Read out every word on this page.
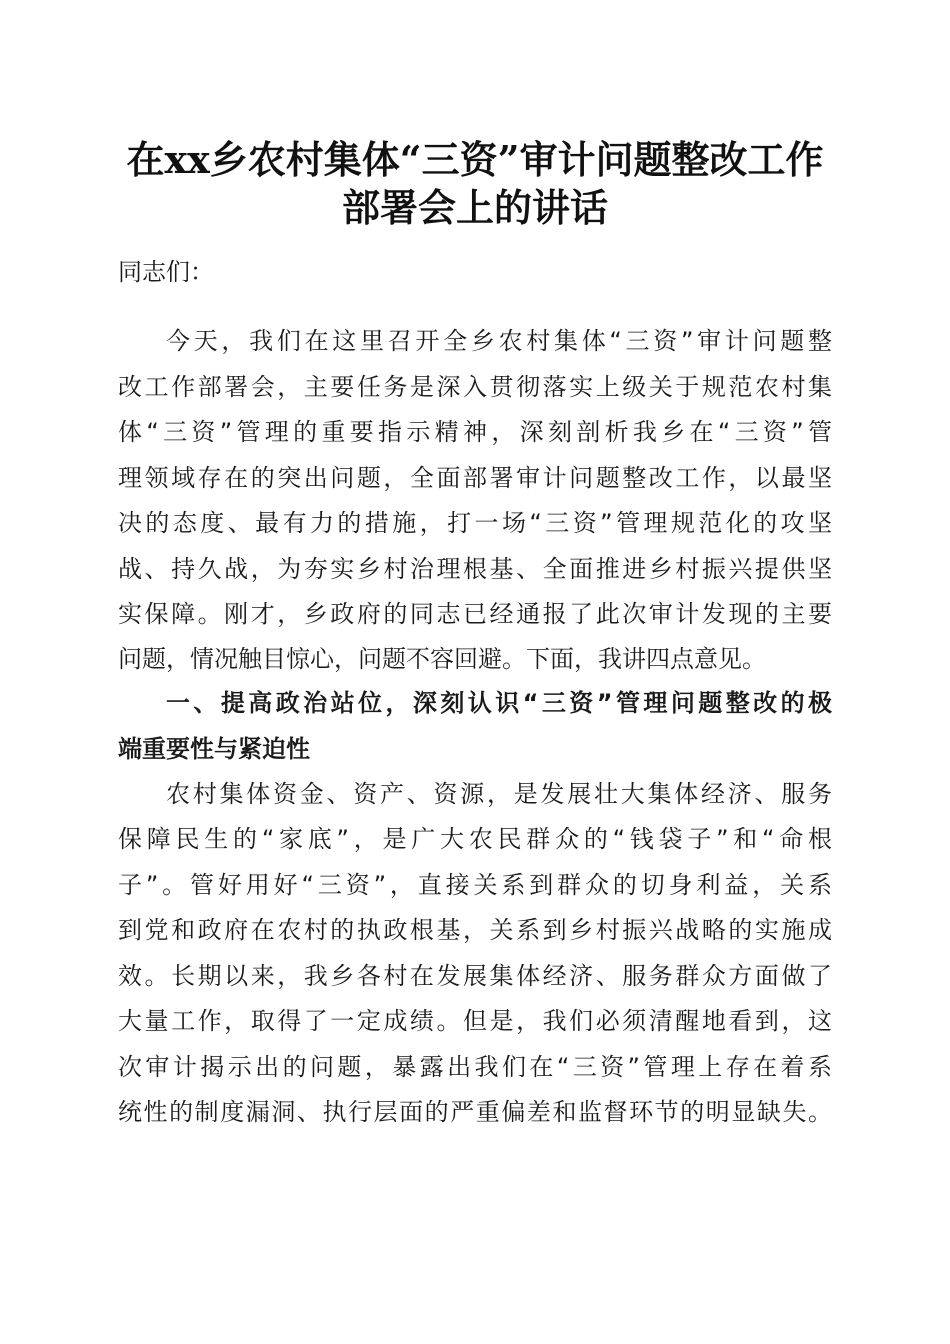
在xx乡农村集体“三资”审计问题整改工作
部署会上的讲话
同志们：
今天，我们在这里召开全乡农村集体“三资”审计问题整
改工作部署会，主要任务是深入贯彻落实上级关于规范农村集
体“三资”管理的重要指示精神，深刻剖析我乡在“三资”管
理领域存在的突出问题，全面部署审计问题整改工作，以最坚
决的态度、最有力的措施，打一场“三资”管理规范化的攻坚
战、持久战，为夯实乡村治理根基、全面推进乡村振兴提供坚
实保障。刚才，乡政府的同志已经通报了此次审计发现的主要
问题，情况触目惊心，问题不容回避。下面，我讲四点意见。
一、提高政治站位，深刻认识“三资”管理问题整改的极
端重要性与紧迫性
农村集体资金、资产、资源，是发展壮大集体经济、服务
保障民生的“家底”，是广大农民群众的“钱袋子”和“命根
子”。管好用好“三资”，直接关系到群众的切身利益，关系
到党和政府在农村的执政根基，关系到乡村振兴战略的实施成
效。长期以来，我乡各村在发展集体经济、服务群众方面做了
大量工作，取得了一定成绩。但是，我们必须清醒地看到，这
次审计揭示出的问题，暴露出我们在“三资”管理上存在着系
统性的制度漏洞、执行层面的严重偏差和监督环节的明显缺失。
